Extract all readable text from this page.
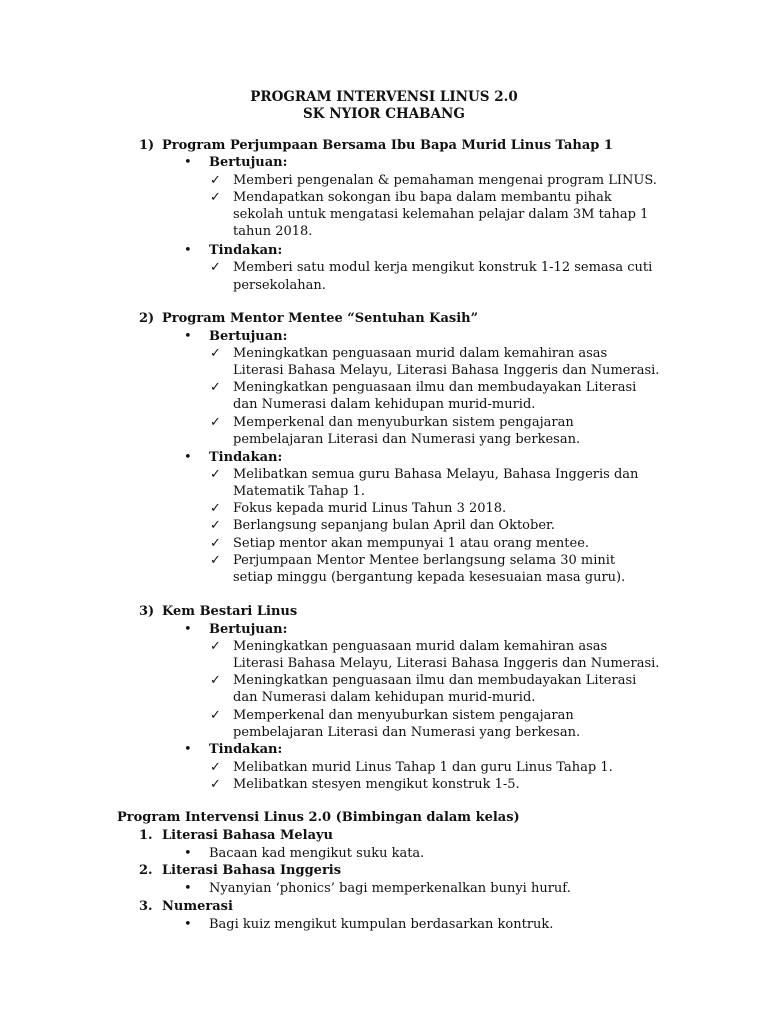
PROGRAM INTERVENSI LINUS 2.0
SK NYIOR CHABANG
1) Program Perjumpaan Bersama Ibu Bapa Murid Linus Tahap 1
• Bertujuan:
✓ Memberi pengenalan & pemahaman mengenai program LINUS.
✓ Mendapatkan sokongan ibu bapa dalam membantu pihak
sekolah untuk mengatasi kelemahan pelajar dalam 3M tahap 1
tahun 2018.
• Tindakan:
✓ Memberi satu modul kerja mengikut konstruk 1-12 semasa cuti
persekolahan.
2) Program Mentor Mentee “Sentuhan Kasih”
• Bertujuan:
✓ Meningkatkan penguasaan murid dalam kemahiran asas
Literasi Bahasa Melayu, Literasi Bahasa Inggeris dan Numerasi.
✓ Meningkatkan penguasaan ilmu dan membudayakan Literasi
dan Numerasi dalam kehidupan murid-murid.
✓ Memperkenal dan menyuburkan sistem pengajaran
pembelajaran Literasi dan Numerasi yang berkesan.
• Tindakan:
✓ Melibatkan semua guru Bahasa Melayu, Bahasa Inggeris dan
Matematik Tahap 1.
✓ Fokus kepada murid Linus Tahun 3 2018.
✓ Berlangsung sepanjang bulan April dan Oktober.
✓ Setiap mentor akan mempunyai 1 atau orang mentee.
✓ Perjumpaan Mentor Mentee berlangsung selama 30 minit
setiap minggu (bergantung kepada kesesuaian masa guru).
3) Kem Bestari Linus
• Bertujuan:
✓ Meningkatkan penguasaan murid dalam kemahiran asas
Literasi Bahasa Melayu, Literasi Bahasa Inggeris dan Numerasi.
✓ Meningkatkan penguasaan ilmu dan membudayakan Literasi
dan Numerasi dalam kehidupan murid-murid.
✓ Memperkenal dan menyuburkan sistem pengajaran
pembelajaran Literasi dan Numerasi yang berkesan.
• Tindakan:
✓ Melibatkan murid Linus Tahap 1 dan guru Linus Tahap 1.
✓ Melibatkan stesyen mengikut konstruk 1-5.
Program Intervensi Linus 2.0 (Bimbingan dalam kelas)
1. Literasi Bahasa Melayu
• Bacaan kad mengikut suku kata.
2. Literasi Bahasa Inggeris
• Nyanyian ‘phonics’ bagi memperkenalkan bunyi huruf.
3. Numerasi
• Bagi kuiz mengikut kumpulan berdasarkan kontruk.
